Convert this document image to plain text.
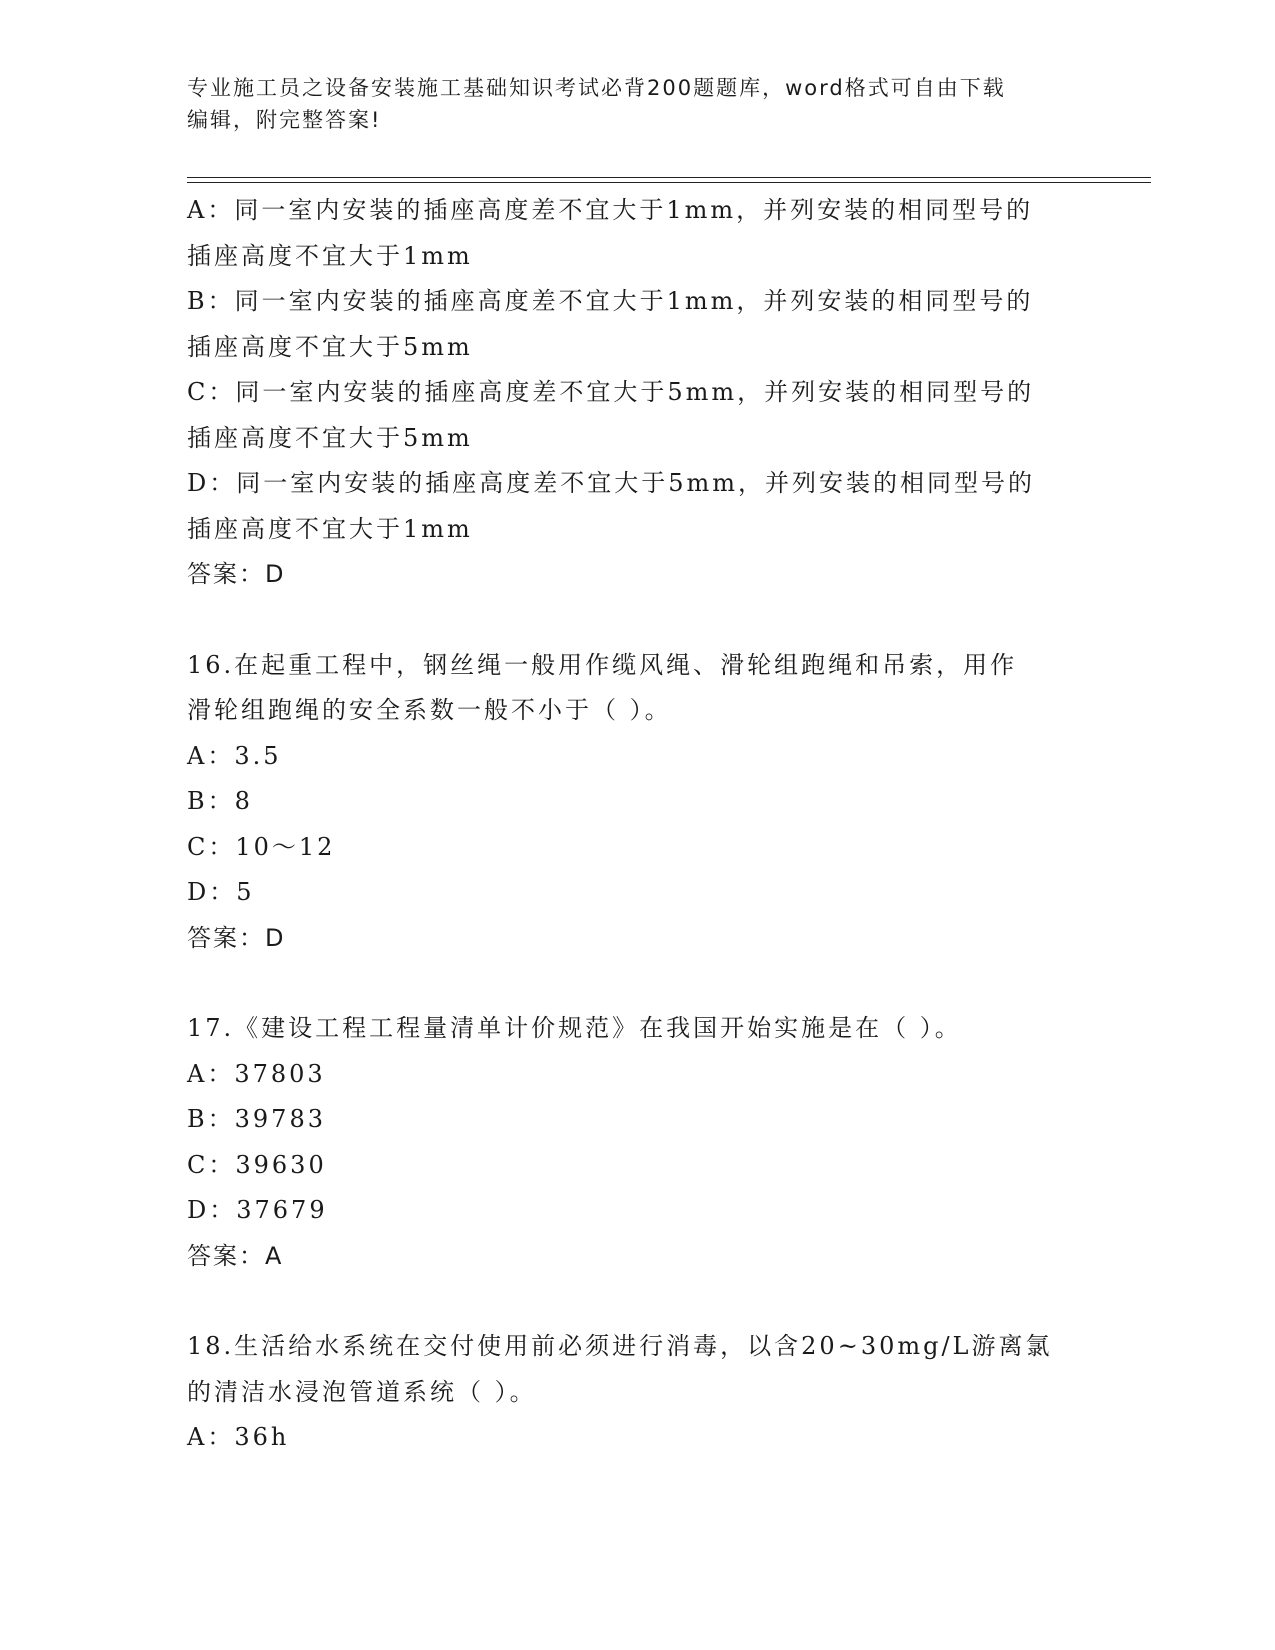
专业施工员之设备安装施工基础知识考试必背200题题库，word格式可自由下载
编辑，附完整答案!
A：同一室内安装的插座高度差不宜大于1mm，并列安装的相同型号的
插座高度不宜大于1mm
B：同一室内安装的插座高度差不宜大于1mm，并列安装的相同型号的
插座高度不宜大于5mm
C：同一室内安装的插座高度差不宜大于5mm，并列安装的相同型号的
插座高度不宜大于5mm
D：同一室内安装的插座高度差不宜大于5mm，并列安装的相同型号的
插座高度不宜大于1mm
答案：D
16.在起重工程中，钢丝绳一般用作缆风绳、滑轮组跑绳和吊索，用作
滑轮组跑绳的安全系数一般不小于（ ）。
A：3.5
B：8
C：10～12
D：5
答案：D
17.《建设工程工程量清单计价规范》在我国开始实施是在（ ）。
A：37803
B：39783
C：39630
D：37679
答案：A
18.生活给水系统在交付使用前必须进行消毒，以含20~30mg/L游离氯
的清洁水浸泡管道系统（ ）。
A：36h
